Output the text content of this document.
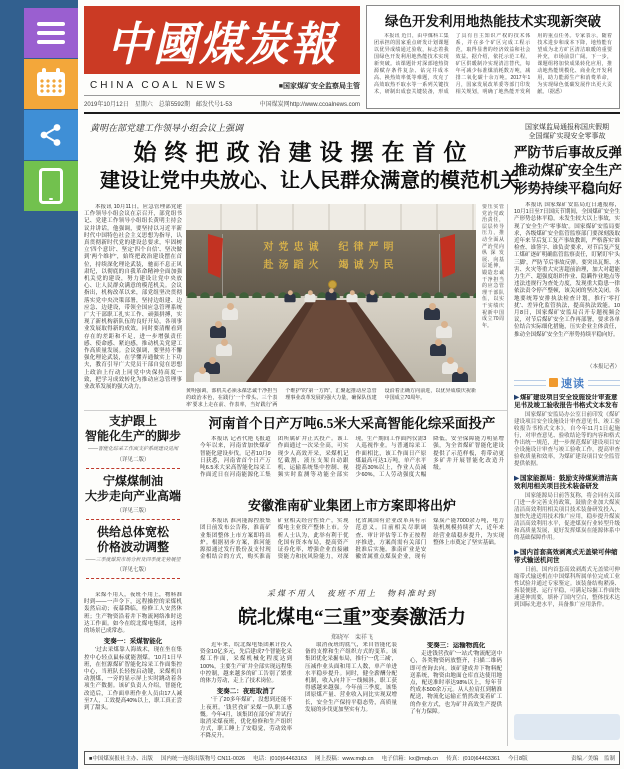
中國煤炭報
CHINA COAL NEWS	■国家煤矿安全监察局主管
2019年10月12日　星期六　总第5592期　邮发代号1-53	中国煤炭网http://www.ccoalnews.com
绿色开发利用地热能技术实现新突破
本报讯 近日，由中煤科工集团承担的国家重点研发计划课题以优异成绩通过验收，标志着我国绿色开发利用地热能技术实现新突破。该课题针对深部地热资源赋存条件复杂、钻完井成本高、换热效率低等难题，攻克了高效取热不取水等一系列关键技术，研制出成套关键装备，形成了具有自主知识产权的技术体系，并在多个矿区完成工程示范，取得显著的经济效益和社会效益。据介绍，依托示范工程，矿区供暖制冷实现清洁替代，每年可减少标准煤消耗数万吨，减排二氧化碳十余万吨。2017年1月，国家发展改革委等部门印发相关规划，明确了地热能开发利用的重点任务。专家表示，随着技术进步和成本下降，地热能有望成为北方矿区清洁取暖的重要补充，市场前景广阔。下一步，课题组将加快成果转化应用，推动地热能规模化、商业化开发利用，助力能源生产和消费革命，为实现绿色低碳发展作出更大贡献。（据悉）
黄明在部党建工作领导小组会议上强调
始终把政治建设摆在首位
建设让党中央放心、让人民群众满意的模范机关
本报讯 10月11日，应急管理部党建工作领导小组会议在京召开，部党组书记、党建工作领导小组组长黄明主持会议并讲话。他强调，要坚持以习近平新时代中国特色社会主义思想为指导，认真贯彻新时代党的建设总要求，牢固树立'四个意识'、坚定'四个自信'、坚决做到'两个维护'，始终把政治建设摆在首位，持续深化理论武装，驰而不息正风肃纪，以彻底的自我革命精神全面加强机关党的建设，努力建设让党中央放心、让人民群众满意的模范机关。会议指出，机构改革以来，部党组坚决贯彻落实党中央决策部署，坚持边组建、边应急、边建设，带领全国应急管理系统广大干部职工扎实工作、顽强拼搏，实现了新机构新队伍的良好开局，各项事业发展取得新的成效。同时要清醒看到存在的差距和不足，进一步增强责任感、使命感、紧迫感，推动机关党建工作高质量发展。会议强调，要坚持不懈强化理论武装，在学懂弄通做实上下功夫，教育引导广大党员干部自觉在思想上政治上行动上同党中央保持高度一致，把学习成效转化为推动应急管理事业改革发展的强大动力。
要压实管党治党政治责任，层层传导压力，推动全面从严治党向纵深发展、向基层延伸，锻造忠诚干净担当的应急管理干部队伍，以实干实绩庆祝新中国成立70周年。
对党忠诚　纪律严明
赴汤蹈火　竭诚为民
黄明强调，部机关必须永葆忠诚干净担当的政治本色，在践行'一个带头、三个表率'要求上走在前、作表率，当好践行'两个维护'的'第一方阵'，汇聚起推动应急管理事业改革发展的强大力量，确保队伍建设沿着正确方向前进，以优异成绩庆祝新中国成立70周年。
支护跟上
智能化生产的脚步
——智能化综采工作面支护系统建设见闻
（详见二版）
宁煤煤制油
大步走向产业高端
（详见三版）
供给总体宽松
价格波动调整
——三季度煤炭市场分析及四季度走势展望
（详见七版）
河南首个日产万吨6.5米大采高智能化综采面投产
本报讯 记者代艳飞报道 今年以来，河南省加快煤矿智能化建设步伐。记者10月9日获悉，河南省首个日产万吨6.5米大采高智能化综采工作面近日在河南能源化工集团所属矿井正式投产。该工作面通过一次采全高，可实现少人高效开采，采煤机记忆截割、液压支架自动跟机、运输系统集中控制、视频实时监测等功能全部实现，生产期间工作面内仅需3人巡视作业。与普通综采工作面相比，该工作面日产原煤最高可达1万吨，单产水平提高30%以上，作业人员减少60%，工人劳动强度大幅降低，安全保障能力明显增强，为全省煤矿智能化建设提供了示范样板，将带动更多矿井开展智能化改造升级。
安徽淮南矿业集团上市方案即将出炉
本报讯 淮河能源控股集团日前发布公告称，淮南矿业集团整体上市方案即将出炉。根据初步方案，淮河能源拟通过发行股份及支付现金相结合的方式，购买淮南矿业相关经营性资产，实现煤电主业资产整体上市。分析人士认为，此举有利于优化国有资本布局，提高资产证券化率，增强企业直接融资能力和抗风险能力，对深化省属国有企业改革具有示范意义。目前相关尽职调查、审计评估等工作正按程序推进，方案尚需有关部门批准后实施。淮南矿业是安徽省属重点煤炭企业，现有煤炭产能7000余万吨，电力装机规模持续扩大，近年来经营业绩稳步提升，为实现整体上市奠定了坚实基础。

采煤不用人，夜班不用上，物料准时到——一声令下，远程操控的采煤机轰然启动；夜幕降临，检修工人安然休班；生产物资沿着井下物流网络准时送达工作面。如今在皖北煤电集团，这样的场景已成常态。

变奏一：采煤智能化

'过去采煤靠人海战术，现在坐在集控中心轻点鼠标就能割煤。'10月1日早班，在恒源煤矿智能化综采工作面集控中心，当班队长轻按启动键，采煤机自动割煤，一旁的显示屏上实时跳动着各项生产数据。该矿负责人介绍，智能化改造后，工作面单班作业人员由17人减至7人，工效提高40%以上，职工真正尝到了甜头。

采煤不用人　夜班不用上　物料准时到
皖北煤电“三重”变奏激活力
郑晓军　栾祥飞

近年来，皖北煤电集团累计投入资金10亿多元，先后建成7个智能化采煤工作面，采煤机械化程度达到100%，主要生产矿井全部实现远程集中控制，越来越多的矿工告别了繁重的体力劳动，走上了技术岗位。

变奏二：夜班取消了

'干了20多年煤矿，没想到还能不上夜班。'钱营孜矿采煤一队职工感慨。今年4月，该集团在部分矿井试行取消采煤夜班，优化检修和生产组织方式，职工睡上了安稳觉，劳动效率不降反升。

取消夜班的底气，来自智能化装备的支撑和生产组织方式的变革。该集团优化采掘布局，推行'一优三减'，压减作业头面和用工人数，单产单进水平稳步提升。同时，健全薪酬分配机制，收入向井下一线倾斜，职工获得感越来越强。今年前三季度，该集团原煤产量、营业收入同比实现双增长，安全生产保持平稳态势，高质量发展的步伐更加坚实有力。

变奏三：运输物流化

走进钱营孜矿'一站式'物流配送中心，各类物资码放整齐，扫描二维码即可查询去向。该矿建成井下物料配送系统，物资由地面仓库直达使用地点，配送准时率达98%以上，每年节约成本500余万元。从人拉肩扛到精准配送，物流化运输正悄然改变着矿工的作业方式，也为矿井高效生产提供了有力保障。

国家煤监局通报称国庆假期
全国煤矿实现安全零事故
严防节后事故反弹
推动煤矿安全生产
形势持续平稳向好
本报讯 国家煤矿安监局近日通报称，10月1日至7日国庆节期间，全国煤矿安全生产形势总体平稳，未发生较大以上事故，实现了安全生产'零事故'。国家煤矿安监局要求，各级煤矿安全监管监察部门要深刻汲取近年来节后复工复产事故教训，严格落实'谁检查、谁签字、谁负责'要求，对节后复产复工煤矿逐矿明确监管监察责任，盯紧盯牢'头三脚'，严防节后事故反弹。要突出瓦斯、水害、火灾等重大灾害超前治理，加大对超能力生产、超强度组织作业、隐瞒作业地点等违法违规行为查处力度，发现重大隐患一律依法责令停产整顿，该关闭的坚决关闭。各地要统筹安排执法检查计划，推行'零打扰'、差异化监管执法，提高执法效能。10月8日，国家煤矿安监局召开专题视频会议，对节后煤矿安全工作再部署，要求各单位结合实际细化措施，压实企业主体责任，推动全国煤矿安全生产形势持续平稳向好。
（本报记者）
速读
▶煤矿建设项目安全设施设计审查意见书及竣工验收报告书格式文本发布
国家煤矿安监局办公室日前印发《煤矿建设项目安全设施设计审查意见书、竣工验收报告书格式文本》，自今年11月1日起施行，对审查意见、验收结论等的内容和格式作出统一规范，进一步规范煤矿建设项目安全设施设计审查与竣工验收工作，提高审查验收质量和效率，为煤矿建设项目安全监管提供依据。
▶国家能源局：鼓励支持煤炭清洁高效利用相关项目技术装备研发
国家能源局日前答复称，将会同有关部门进一步完善支持政策，鼓励企业加大煤炭清洁高效利用相关项目技术装备研发投入，加快先进适用技术推广应用，稳步提升煤炭清洁高效利用水平，促进煤炭行业转型升级和高质量发展，更好发挥煤炭在能源体系中的基础保障作用。
▶国内首套高效剥离式无盖梁可伸缩带式输送机问世
日前，国内首套高效剥离式无盖梁可伸缩带式输送机在中国煤科所属单位完成工业性试验并通过专家鉴定。该装备结构紧凑、拆装便捷、运行平稳，可满足综掘工作面快速延伸需要，填补了国内空白，整体技术达到国际先进水平，具备推广应用条件。
■中国煤炭报社主办、出版 国内统一连续出版物号 CN11-0026 电话：(010)64463163 网上投稿：www.mqb.cn 电子信箱：kx@mqb.cn 传真：(010)64463361 今日8版	责编／美编　监制
